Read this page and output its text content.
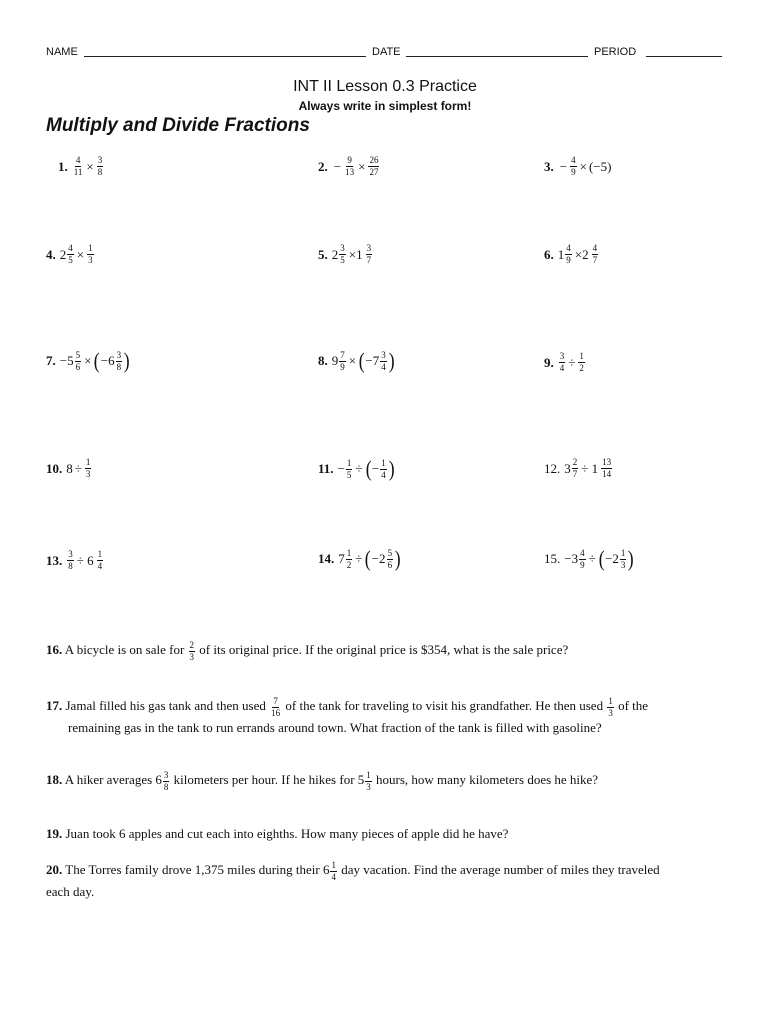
NAME	DATE	PERIOD
INT II Lesson 0.3 Practice
Always write in simplest form!
Multiply and Divide Fractions
1. $\frac{4}{11} \times \frac{3}{8}$	2. − $\frac{9}{13} \times \frac{26}{27}$	3. − $\frac{4}{9} \times (-5)$
4. $2 \frac{4}{5} \times \frac{1}{3}$	5. $2 \frac{3}{5} \times 1 \frac{3}{7}$	6. $1 \frac{4}{9} \times 2 \frac{4}{7}$
7. $-5 \frac{5}{6}$ × ( $-6 \frac{3}{8}$ )	8. $9 \frac{7}{9}$ × ( $-7 \frac{3}{4}$ )	9. $\frac{3}{4} \div \frac{1}{2}$
10. $8 \div \frac{1}{3}$	11. − $\frac{1}{5}$ ÷ ( − $\frac{1}{4}$ )	12. $3 \frac{2}{7} \div 1 \frac{13}{14}$
13. $\frac{3}{8} \div 6 \frac{1}{4}$	14. $7 \frac{1}{2}$ ÷ ( $-2 \frac{5}{6}$ )	15. $-3 \frac{4}{9}$ ÷ ( $-2 \frac{1}{3}$ )
16. A bicycle is on sale for $\frac{2}{3}$ of its original price. If the original price is $354, what is the sale price?
17. Jamal filled his gas tank and then used $\frac{7}{16}$ of the tank for traveling to visit his grandfather. He then used $\frac{1}{3}$ of the
remaining gas in the tank to run errands around town. What fraction of the tank is filled with gasoline?
18. A hiker averages $6 \frac{3}{8}$ kilometers per hour. If he hikes for $5 \frac{1}{3}$ hours, how many kilometers does he hike?
19. Juan took 6 apples and cut each into eighths. How many pieces of apple did he have?
20. The Torres family drove 1,375 miles during their $6 \frac{1}{4}$ day vacation. Find the average number of miles they traveled
each day.
